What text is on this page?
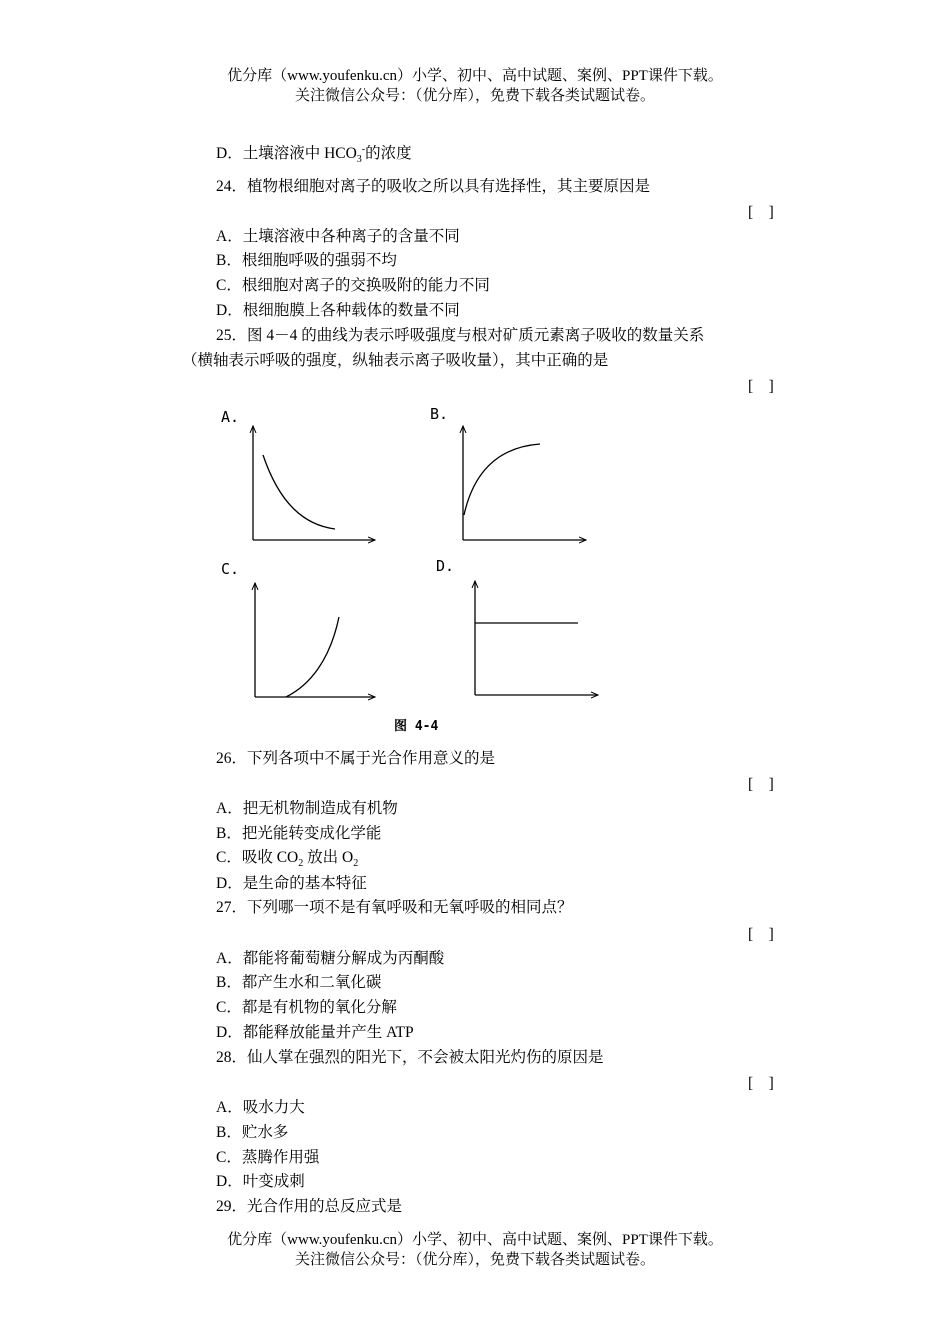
优分库（www.youfenku.cn）小学、初中、高中试题、案例、PPT课件下载。
关注微信公众号：（优分库），免费下载各类试题试卷。
D．土壤溶液中 $HCO_3^-$的浓度
24．植物根细胞对离子的吸收之所以具有选择性，其主要原因是
[　]
A．土壤溶液中各种离子的含量不同
B．根细胞呼吸的强弱不均
C．根细胞对离子的交换吸附的能力不同
D．根细胞膜上各种载体的数量不同
25．图 4－4 的曲线为表示呼吸强度与根对矿质元素离子吸收的数量关系
（横轴表示呼吸的强度，纵轴表示离子吸收量），其中正确的是
[　]
A.	B.
C.	D.
图 4-4
26．下列各项中不属于光合作用意义的是
[　]
A．把无机物制造成有机物
B．把光能转变成化学能
C．吸收 $CO_2$ 放出 $O_2$
D．是生命的基本特征
27．下列哪一项不是有氧呼吸和无氧呼吸的相同点？
[　]
A．都能将葡萄糖分解成为丙酮酸
B．都产生水和二氧化碳
C．都是有机物的氧化分解
D．都能释放能量并产生 ATP
28．仙人掌在强烈的阳光下，不会被太阳光灼伤的原因是
[　]
A．吸水力大
B．贮水多
C．蒸腾作用强
D．叶变成刺
29．光合作用的总反应式是
优分库（www.youfenku.cn）小学、初中、高中试题、案例、PPT课件下载。
关注微信公众号：（优分库），免费下载各类试题试卷。
